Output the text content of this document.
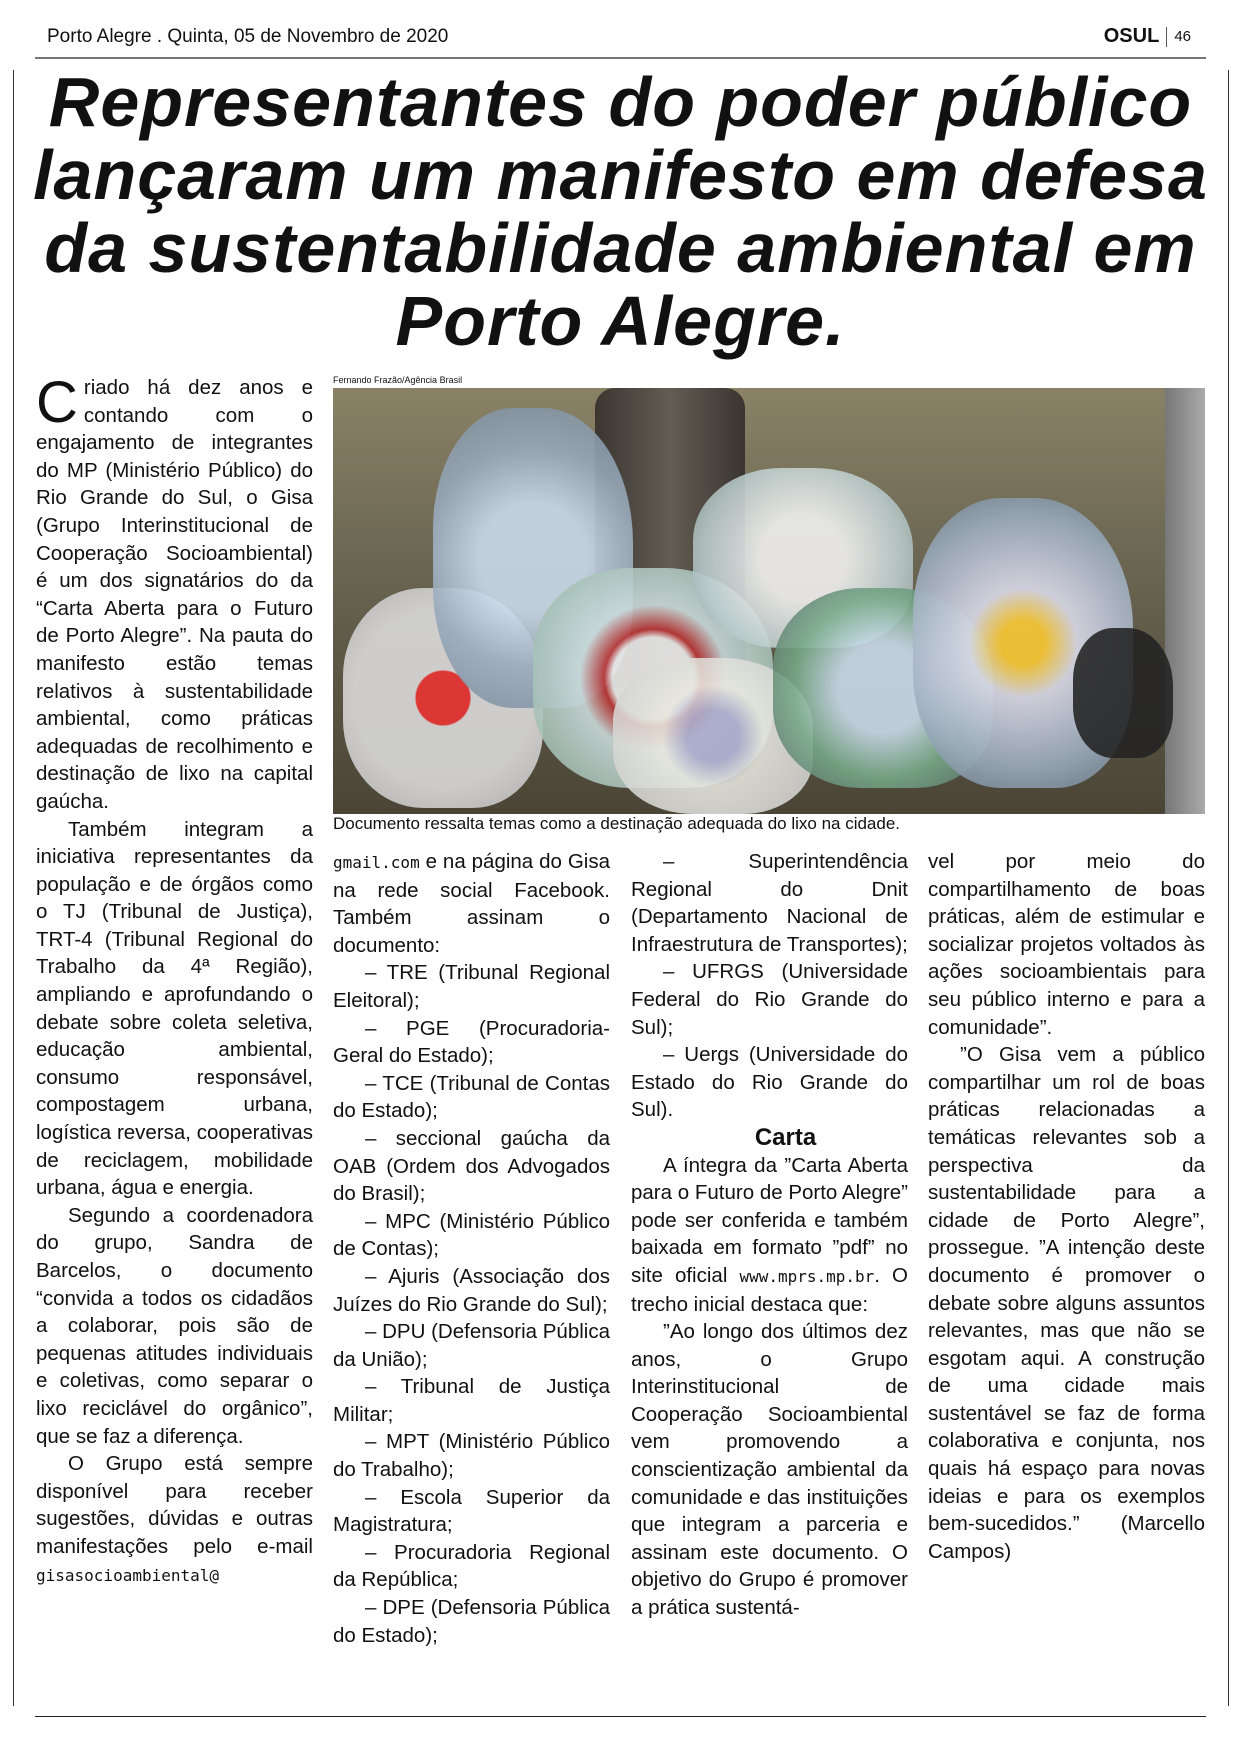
Porto Alegre . Quinta, 05 de Novembro de 2020	OSUL 46
Representantes do poder público lançaram um manifesto em defesa da sustentabilidade ambiental em Porto Alegre.

Criado há dez anos e contando com o engajamento de integrantes do MP (Ministério Público) do Rio Grande do Sul, o Gisa (Grupo Interinstitucional de Cooperação Socioambiental) é um dos signatários do da “Carta Aberta para o Futuro de Porto Alegre”. Na pauta do manifesto estão temas relativos à sustentabilidade ambiental, como práticas adequadas de recolhimento e destinação de lixo na capital gaúcha.

Também integram a iniciativa representantes da população e de órgãos como o TJ (Tribunal de Justiça), TRT-4 (Tribunal Regional do Trabalho da 4ª Região), ampliando e aprofundando o debate sobre coleta seletiva, educação ambiental, consumo responsável, compostagem urbana, logística reversa, cooperativas de reciclagem, mobilidade urbana, água e energia.

Segundo a coordenadora do grupo, Sandra de Barcelos, o documento “convida a todos os cidadãos a colaborar, pois são de pequenas atitudes individuais e coletivas, como separar o lixo reciclável do orgânico”, que se faz a diferença.

O Grupo está sempre disponível para receber sugestões, dúvidas e outras manifestações pelo e-mail gisasocioambiental@

Fernando Frazão/Agência Brasil
Documento ressalta temas como a destinação adequada do lixo na cidade.

gmail.com e na página do Gisa na rede social Facebook. Também assinam o documento:

– TRE (Tribunal Regional Eleitoral);

– PGE (Procuradoria-Geral do Estado);

– TCE (Tribunal de Contas do Estado);

– seccional gaúcha da OAB (Ordem dos Advogados do Brasil);

– MPC (Ministério Público de Contas);

– Ajuris (Associação dos Juízes do Rio Grande do Sul);

– DPU (Defensoria Pública da União);

– Tribunal de Justiça Militar;

– MPT (Ministério Público do Trabalho);

– Escola Superior da Magistratura;

– Procuradoria Regional da República;

– DPE (Defensoria Pública do Estado);

– Superintendência Regional do Dnit (Departamento Nacional de Infraestrutura de Transportes);

– UFRGS (Universidade Federal do Rio Grande do Sul);

– Uergs (Universidade do Estado do Rio Grande do Sul).

Carta

A íntegra da ”Carta Aberta para o Futuro de Porto Alegre” pode ser conferida e também baixada em formato ”pdf” no site oficial www.mprs.mp.br. O trecho inicial destaca que:

”Ao longo dos últimos dez anos, o Grupo Interinstitucional de Cooperação Socioambiental vem promovendo a conscientização ambiental da comunidade e das instituições que integram a parceria e assinam este documento. O objetivo do Grupo é promover a prática sustentá-

vel por meio do compartilhamento de boas práticas, além de estimular e socializar projetos voltados às ações socioambientais para seu público interno e para a comunidade”.

”O Gisa vem a público compartilhar um rol de boas práticas relacionadas a temáticas relevantes sob a perspectiva da sustentabilidade para a cidade de Porto Alegre”, prossegue. ”A intenção deste documento é promover o debate sobre alguns assuntos relevantes, mas que não se esgotam aqui. A construção de uma cidade mais sustentável se faz de forma colaborativa e conjunta, nos quais há espaço para novas ideias e para os exemplos bem-sucedidos.” (Marcello Campos)
